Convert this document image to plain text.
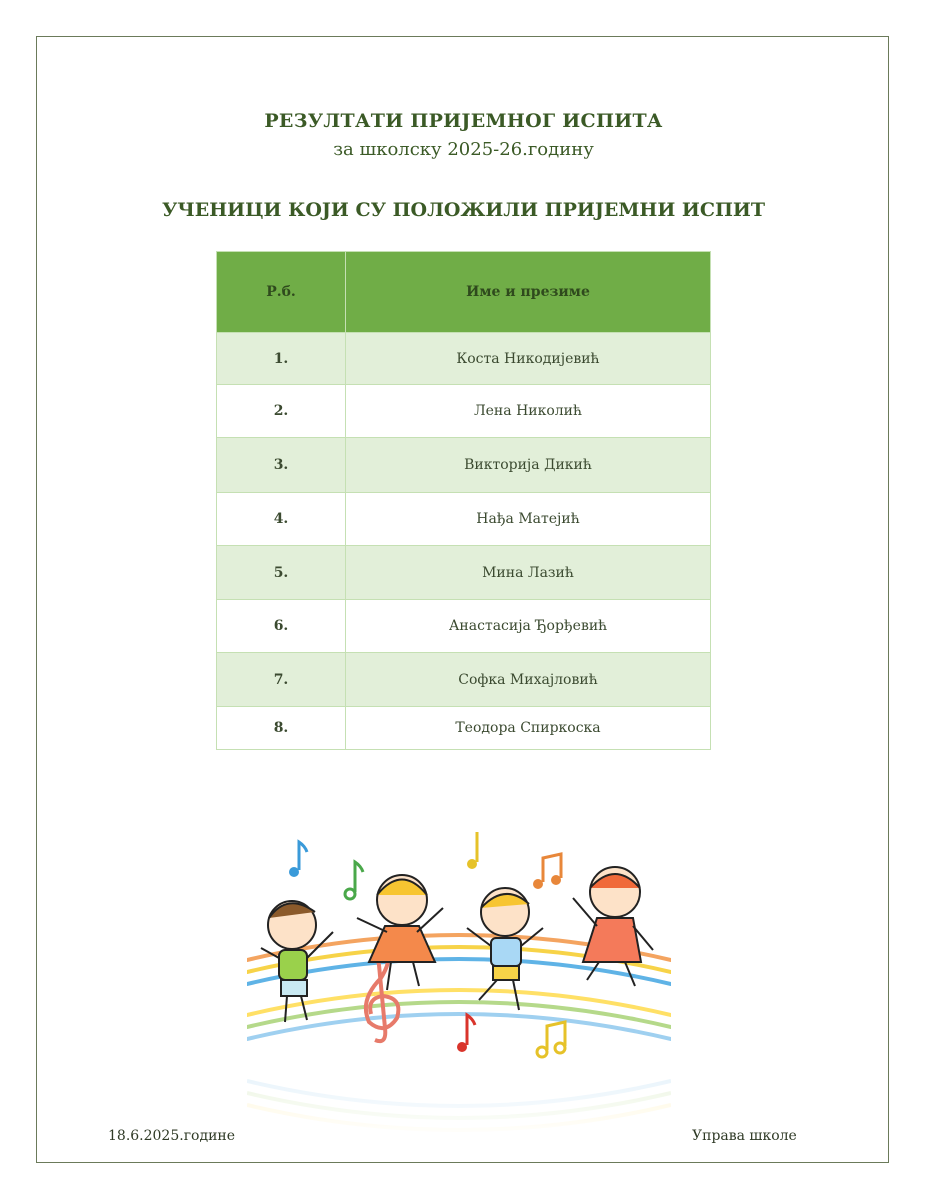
РЕЗУЛТАТИ ПРИЈЕМНОГ ИСПИТА
за школску 2025-26.годину
УЧЕНИЦИ КОЈИ СУ ПОЛОЖИЛИ ПРИЈЕМНИ ИСПИТ
Р.б.	Име и презиме
1.	Коста Никодијевић
2.	Лена Николић
3.	Викторија Дикић
4.	Нађа Матејић
5.	Мина Лазић
6.	Анастасија Ђорђевић
7.	Софка Михајловић
8.	Теодора Спиркоска
18.6.2025.године	Управа школе
